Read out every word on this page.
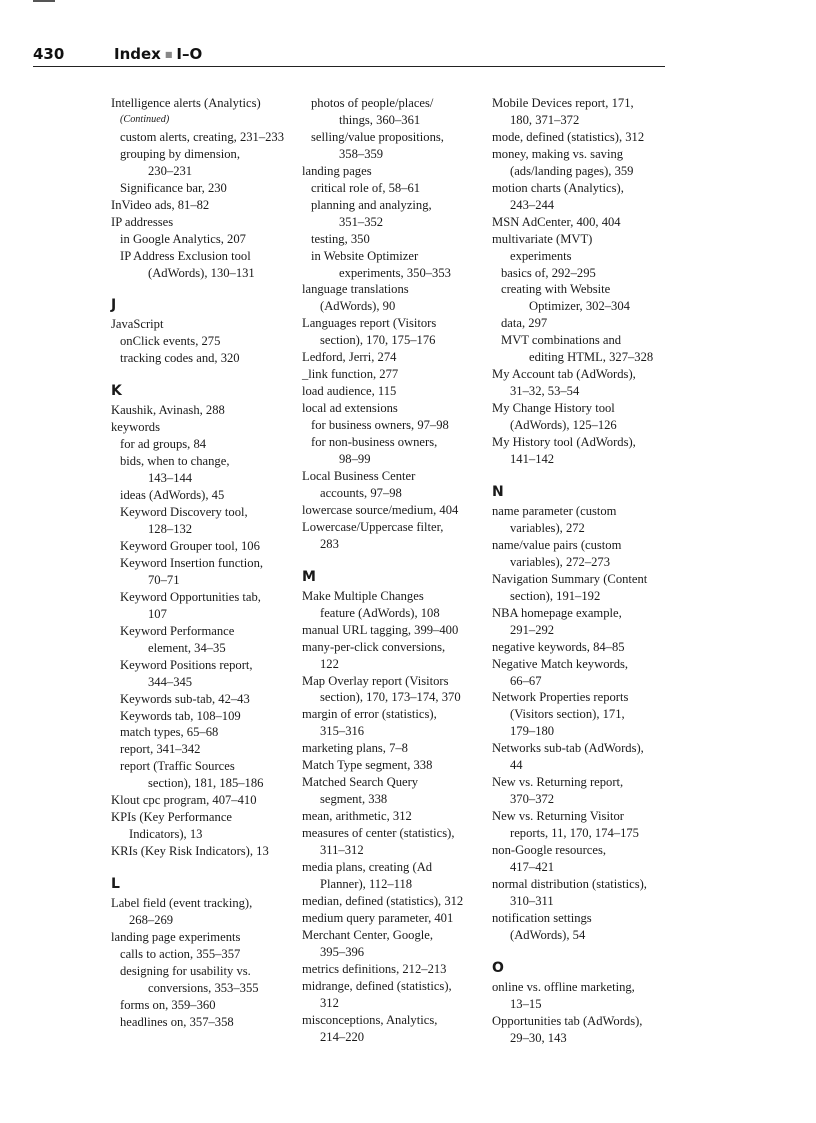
430	Index ■ I–O
Intelligence alerts (Analytics)
(Continued)
custom alerts, creating, 231–233
grouping by dimension,
230–231
Significance bar, 230
InVideo ads, 81–82
IP addresses
in Google Analytics, 207
IP Address Exclusion tool
(AdWords), 130–131
J
JavaScript
onClick events, 275
tracking codes and, 320
K
Kaushik, Avinash, 288
keywords
for ad groups, 84
bids, when to change,
143–144
ideas (AdWords), 45
Keyword Discovery tool,
128–132
Keyword Grouper tool, 106
Keyword Insertion function,
70–71
Keyword Opportunities tab,
107
Keyword Performance
element, 34–35
Keyword Positions report,
344–345
Keywords sub-tab, 42–43
Keywords tab, 108–109
match types, 65–68
report, 341–342
report (Traffic Sources
section), 181, 185–186
Klout cpc program, 407–410
KPIs (Key Performance
Indicators), 13
KRIs (Key Risk Indicators), 13
L
Label field (event tracking),
268–269
landing page experiments
calls to action, 355–357
designing for usability vs.
conversions, 353–355
forms on, 359–360
headlines on, 357–358
photos of people/places/
things, 360–361
selling/value propositions,
358–359
landing pages
critical role of, 58–61
planning and analyzing,
351–352
testing, 350
in Website Optimizer
experiments, 350–353
language translations
(AdWords), 90
Languages report (Visitors
section), 170, 175–176
Ledford, Jerri, 274
_link function, 277
load audience, 115
local ad extensions
for business owners, 97–98
for non-business owners,
98–99
Local Business Center
accounts, 97–98
lowercase source/medium, 404
Lowercase/Uppercase filter,
283
M
Make Multiple Changes
feature (AdWords), 108
manual URL tagging, 399–400
many-per-click conversions,
122
Map Overlay report (Visitors
section), 170, 173–174, 370
margin of error (statistics),
315–316
marketing plans, 7–8
Match Type segment, 338
Matched Search Query
segment, 338
mean, arithmetic, 312
measures of center (statistics),
311–312
media plans, creating (Ad
Planner), 112–118
median, defined (statistics), 312
medium query parameter, 401
Merchant Center, Google,
395–396
metrics definitions, 212–213
midrange, defined (statistics),
312
misconceptions, Analytics,
214–220
Mobile Devices report, 171,
180, 371–372
mode, defined (statistics), 312
money, making vs. saving
(ads/landing pages), 359
motion charts (Analytics),
243–244
MSN AdCenter, 400, 404
multivariate (MVT)
experiments
basics of, 292–295
creating with Website
Optimizer, 302–304
data, 297
MVT combinations and
editing HTML, 327–328
My Account tab (AdWords),
31–32, 53–54
My Change History tool
(AdWords), 125–126
My History tool (AdWords),
141–142
N
name parameter (custom
variables), 272
name/value pairs (custom
variables), 272–273
Navigation Summary (Content
section), 191–192
NBA homepage example,
291–292
negative keywords, 84–85
Negative Match keywords,
66–67
Network Properties reports
(Visitors section), 171,
179–180
Networks sub-tab (AdWords),
44
New vs. Returning report,
370–372
New vs. Returning Visitor
reports, 11, 170, 174–175
non-Google resources,
417–421
normal distribution (statistics),
310–311
notification settings
(AdWords), 54
O
online vs. offline marketing,
13–15
Opportunities tab (AdWords),
29–30, 143
